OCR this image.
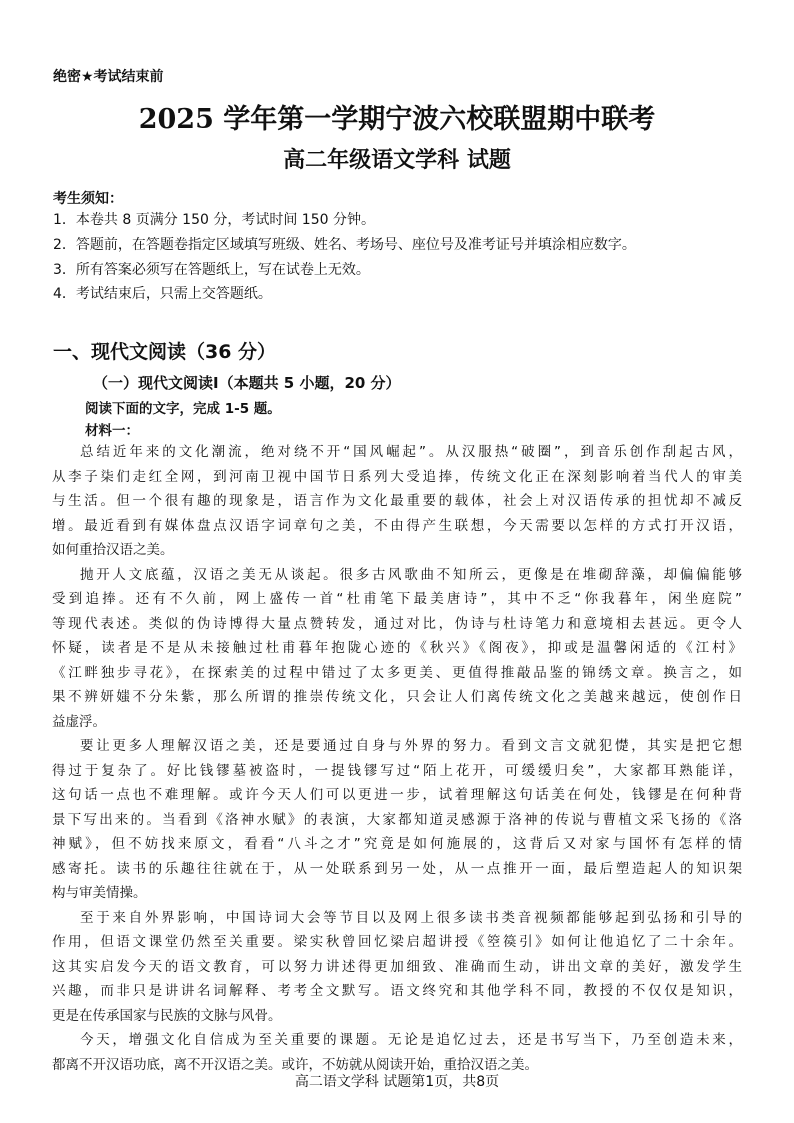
绝密★考试结束前
2025 学年第一学期宁波六校联盟期中联考
高二年级语文学科 试题
考生须知：
1．本卷共 8 页满分 150 分，考试时间 150 分钟。
2．答题前，在答题卷指定区域填写班级、姓名、考场号、座位号及准考证号并填涂相应数字。
3．所有答案必须写在答题纸上，写在试卷上无效。
4．考试结束后，只需上交答题纸。
一、现代文阅读（36 分）
（一）现代文阅读Ⅰ（本题共 5 小题，20 分）
阅读下面的文字，完成 1-5 题。
材料一：
总结近年来的文化潮流，绝对绕不开“国风崛起”。从汉服热“破圈”，到音乐创作刮起古风，
从李子柒们走红全网，到河南卫视中国节日系列大受追捧，传统文化正在深刻影响着当代人的审美
与生活。但一个很有趣的现象是，语言作为文化最重要的载体，社会上对汉语传承的担忧却不减反
增。最近看到有媒体盘点汉语字词章句之美，不由得产生联想，今天需要以怎样的方式打开汉语，
如何重拾汉语之美。
抛开人文底蕴，汉语之美无从谈起。很多古风歌曲不知所云，更像是在堆砌辞藻，却偏偏能够
受到追捧。还有不久前，网上盛传一首“杜甫笔下最美唐诗”，其中不乏“你我暮年，闲坐庭院”
等现代表述。类似的伪诗博得大量点赞转发，通过对比，伪诗与杜诗笔力和意境相去甚远。更令人
怀疑，读者是不是从未接触过杜甫暮年抱陇心迹的《秋兴》《阁夜》，抑或是温馨闲适的《江村》
《江畔独步寻花》，在探索美的过程中错过了太多更美、更值得推敲品鉴的锦绣文章。换言之，如
果不辨妍媸不分朱紫，那么所谓的推崇传统文化，只会让人们离传统文化之美越来越远，使创作日
益虚浮。
要让更多人理解汉语之美，还是要通过自身与外界的努力。看到文言文就犯憷，其实是把它想
得过于复杂了。好比钱镠墓被盗时，一提钱镠写过“陌上花开，可缓缓归矣”，大家都耳熟能详，
这句话一点也不难理解。或许今天人们可以更进一步，试着理解这句话美在何处，钱镠是在何种背
景下写出来的。当看到《洛神水赋》的表演，大家都知道灵感源于洛神的传说与曹植文采飞扬的《洛
神赋》，但不妨找来原文，看看“八斗之才”究竟是如何施展的，这背后又对家与国怀有怎样的情
感寄托。读书的乐趣往往就在于，从一处联系到另一处，从一点推开一面，最后塑造起人的知识架
构与审美情操。
至于来自外界影响，中国诗词大会等节目以及网上很多读书类音视频都能够起到弘扬和引导的
作用，但语文课堂仍然至关重要。梁实秋曾回忆梁启超讲授《箜篌引》如何让他追忆了二十余年。
这其实启发今天的语文教育，可以努力讲述得更加细致、准确而生动，讲出文章的美好，激发学生
兴趣，而非只是讲讲名词解释、考考全文默写。语文终究和其他学科不同，教授的不仅仅是知识，
更是在传承国家与民族的文脉与风骨。
今天，增强文化自信成为至关重要的课题。无论是追忆过去，还是书写当下，乃至创造未来，
都离不开汉语功底，离不开汉语之美。或许，不妨就从阅读开始，重拾汉语之美。
高二语文学科 试题第1页，共8页
